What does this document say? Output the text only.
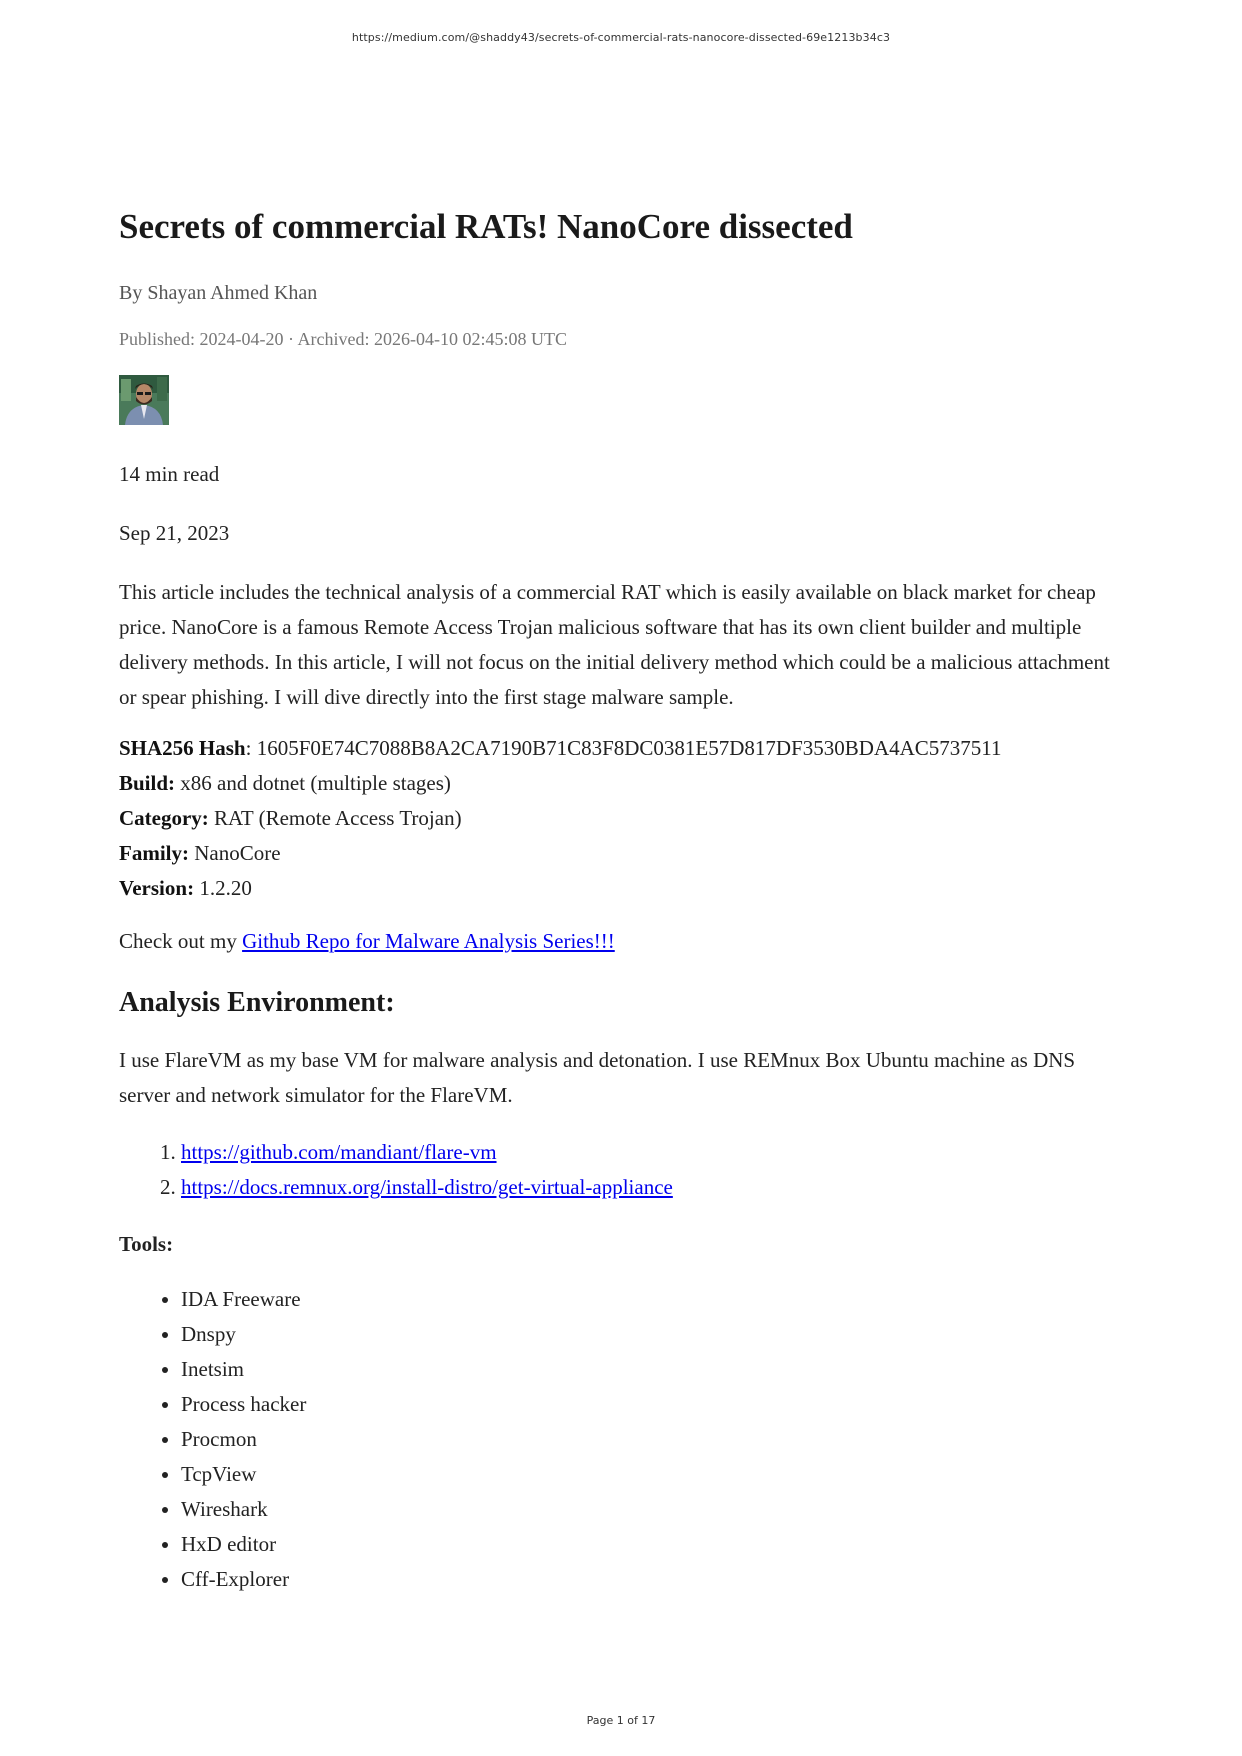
https://medium.com/@shaddy43/secrets-of-commercial-rats-nanocore-dissected-69e1213b34c3
Secrets of commercial RATs! NanoCore dissected
By Shayan Ahmed Khan
Published: 2024-04-20 · Archived: 2026-04-10 02:45:08 UTC
14 min read
Sep 21, 2023

This article includes the technical analysis of a commercial RAT which is easily available on black market for cheap price. NanoCore is a famous Remote Access Trojan malicious software that has its own client builder and multiple delivery methods. In this article, I will not focus on the initial delivery method which could be a malicious attachment or spear phishing. I will dive directly into the first stage malware sample.

SHA256 Hash: 1605F0E74C7088B8A2CA7190B71C83F8DC0381E57D817DF3530BDA4AC5737511
Build: x86 and dotnet (multiple stages)
Category: RAT (Remote Access Trojan)
Family: NanoCore
Version: 1.2.20
Check out my Github Repo for Malware Analysis Series!!!
Analysis Environment:
I use FlareVM as my base VM for malware analysis and detonation. I use REMnux Box Ubuntu machine as DNS server and network simulator for the FlareVM.
1. https://github.com/mandiant/flare-vm
2. https://docs.remnux.org/install-distro/get-virtual-appliance
Tools:
• IDA Freeware
• Dnspy
• Inetsim
• Process hacker
• Procmon
• TcpView
• Wireshark
• HxD editor
• Cff-Explorer
Page 1 of 17
